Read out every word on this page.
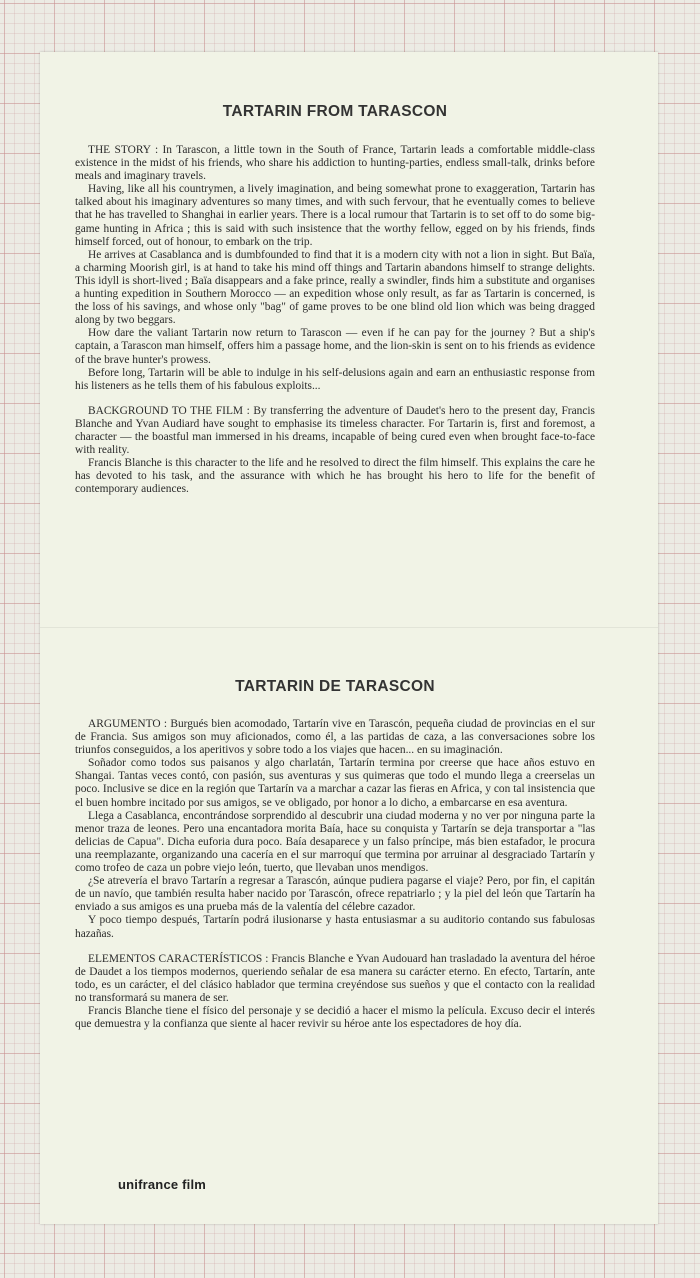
TARTARIN FROM TARASCON

THE STORY : In Tarascon, a little town in the South of France, Tartarin leads a comfortable middle-class existence in the midst of his friends, who share his addiction to hunting-parties, endless small-talk, drinks before meals and imaginary travels.

Having, like all his countrymen, a lively imagination, and being somewhat prone to exaggeration, Tartarin has talked about his imaginary adventures so many times, and with such fervour, that he eventually comes to believe that he has travelled to Shanghai in earlier years. There is a local rumour that Tartarin is to set off to do some big-game hunting in Africa ; this is said with such insistence that the worthy fellow, egged on by his friends, finds himself forced, out of honour, to embark on the trip.

He arrives at Casablanca and is dumbfounded to find that it is a modern city with not a lion in sight. But Baïa, a charming Moorish girl, is at hand to take his mind off things and Tartarin abandons himself to strange delights. This idyll is short-lived ; Baïa disappears and a fake prince, really a swindler, finds him a substitute and organises a hunting expedition in Southern Morocco — an expedition whose only result, as far as Tartarin is concerned, is the loss of his savings, and whose only "bag" of game proves to be one blind old lion which was being dragged along by two beggars.

How dare the valiant Tartarin now return to Tarascon — even if he can pay for the journey ? But a ship's captain, a Tarascon man himself, offers him a passage home, and the lion-skin is sent on to his friends as evidence of the brave hunter's prowess.

Before long, Tartarin will be able to indulge in his self-delusions again and earn an enthusiastic response from his listeners as he tells them of his fabulous exploits...

BACKGROUND TO THE FILM : By transferring the adventure of Daudet's hero to the present day, Francis Blanche and Yvan Audiard have sought to emphasise its timeless character. For Tartarin is, first and foremost, a character — the boastful man immersed in his dreams, incapable of being cured even when brought face-to-face with reality.

Francis Blanche is this character to the life and he resolved to direct the film himself. This explains the care he has devoted to his task, and the assurance with which he has brought his hero to life for the benefit of contemporary audiences.

TARTARIN DE TARASCON

ARGUMENTO : Burgués bien acomodado, Tartarín vive en Tarascón, pequeña ciudad de provincias en el sur de Francia. Sus amigos son muy aficionados, como él, a las partidas de caza, a las conversaciones sobre los triunfos conseguidos, a los aperitivos y sobre todo a los viajes que hacen... en su imaginación.

Soñador como todos sus paisanos y algo charlatán, Tartarín termina por creerse que hace años estuvo en Shangai. Tantas veces contó, con pasión, sus aventuras y sus quimeras que todo el mundo llega a creerselas un poco. Inclusive se dice en la región que Tartarín va a marchar a cazar las fieras en Africa, y con tal insistencia que el buen hombre incitado por sus amigos, se ve obligado, por honor a lo dicho, a embarcarse en esa aventura.

Llega a Casablanca, encontrándose sorprendido al descubrir una ciudad moderna y no ver por ninguna parte la menor traza de leones. Pero una encantadora morita Baía, hace su conquista y Tartarín se deja transportar a "las delicias de Capua". Dicha euforia dura poco. Baía desaparece y un falso príncipe, más bien estafador, le procura una reemplazante, organizando una cacería en el sur marroquí que termina por arruinar al desgraciado Tartarín y como trofeo de caza un pobre viejo león, tuerto, que llevaban unos mendigos.

¿Se atrevería el bravo Tartarín a regresar a Tarascón, aúnque pudiera pagarse el viaje? Pero, por fin, el capitán de un navío, que también resulta haber nacido por Tarascón, ofrece repatriarlo ; y la piel del león que Tartarín ha enviado a sus amigos es una prueba más de la valentía del célebre cazador.

Y poco tiempo después, Tartarín podrá ilusionarse y hasta entusiasmar a su auditorio contando sus fabulosas hazañas.

ELEMENTOS CARACTERÍSTICOS : Francis Blanche e Yvan Audouard han trasladado la aventura del héroe de Daudet a los tiempos modernos, queriendo señalar de esa manera su carácter eterno. En efecto, Tartarín, ante todo, es un carácter, el del clásico hablador que termina creyéndose sus sueños y que el contacto con la realidad no transformará su manera de ser.

Francis Blanche tiene el físico del personaje y se decidió a hacer el mismo la película. Excuso decir el interés que demuestra y la confianza que siente al hacer revivir su héroe ante los espectadores de hoy día.

unifrance film
